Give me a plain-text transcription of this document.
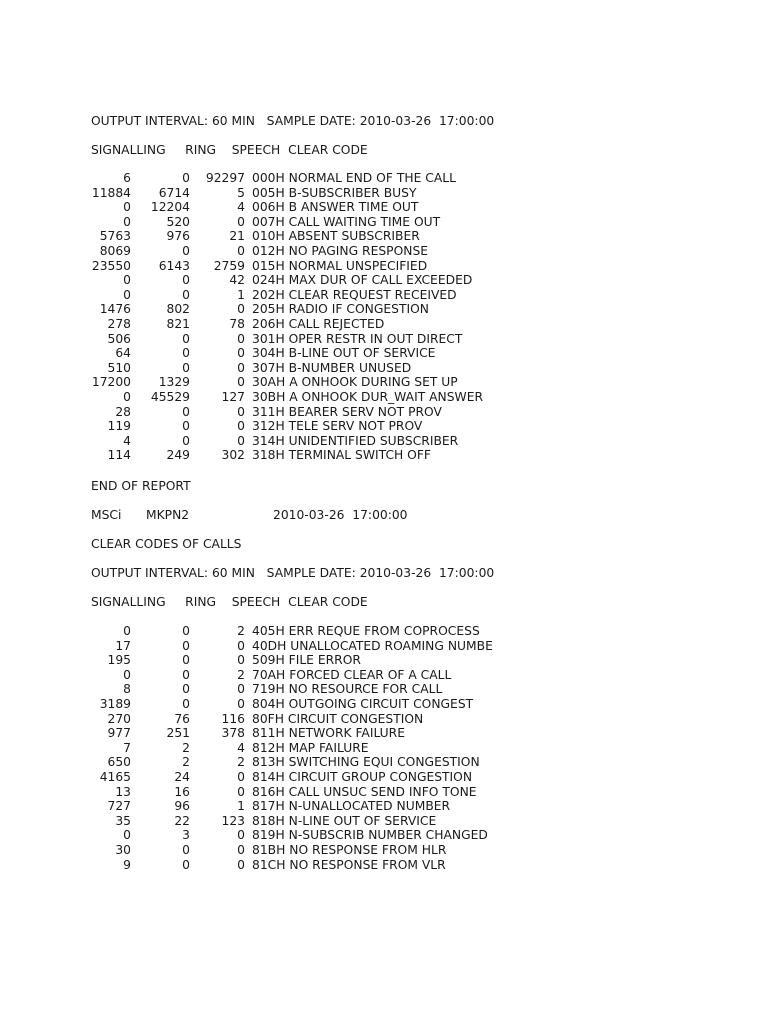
OUTPUT INTERVAL: 60 MIN   SAMPLE DATE: 2010-03-26  17:00:00
SIGNALLING     RING    SPEECH  CLEAR CODE
6	0 92297 000H NORMAL END OF THE CALL
11884 6714	5 005H B-SUBSCRIBER BUSY
0 12204	4 006H B ANSWER TIME OUT
0	520	0 007H CALL WAITING TIME OUT
5763	976	21 010H ABSENT SUBSCRIBER
8069	0	0 012H NO PAGING RESPONSE
23550 6143 2759 015H NORMAL UNSPECIFIED
0	0	42 024H MAX DUR OF CALL EXCEEDED
0	0	1 202H CLEAR REQUEST RECEIVED
1476	802	0 205H RADIO IF CONGESTION
278	821	78 206H CALL REJECTED
506	0	0 301H OPER RESTR IN OUT DIRECT
64	0	0 304H B-LINE OUT OF SERVICE
510	0	0 307H B-NUMBER UNUSED
17200 1329	0 30AH A ONHOOK DURING SET UP
0 45529	127 30BH A ONHOOK DUR_WAIT ANSWER
28	0	0 311H BEARER SERV NOT PROV
119	0	0 312H TELE SERV NOT PROV
4	0	0 314H UNIDENTIFIED SUBSCRIBER
114	249	302 318H TERMINAL SWITCH OFF
END OF REPORT
MSCi MKPN2	2010-03-26  17:00:00
CLEAR CODES OF CALLS
OUTPUT INTERVAL: 60 MIN   SAMPLE DATE: 2010-03-26  17:00:00
SIGNALLING     RING    SPEECH  CLEAR CODE
0	0	2 405H ERR REQUE FROM COPROCESS
17	0	0 40DH UNALLOCATED ROAMING NUMBE
195	0	0 509H FILE ERROR
0	0	2 70AH FORCED CLEAR OF A CALL
8	0	0 719H NO RESOURCE FOR CALL
3189	0	0 804H OUTGOING CIRCUIT CONGEST
270	76	116 80FH CIRCUIT CONGESTION
977	251	378 811H NETWORK FAILURE
7	2	4 812H MAP FAILURE
650	2	2 813H SWITCHING EQUI CONGESTION
4165	24	0 814H CIRCUIT GROUP CONGESTION
13	16	0 816H CALL UNSUC SEND INFO TONE
727	96	1 817H N-UNALLOCATED NUMBER
35	22	123 818H N-LINE OUT OF SERVICE
0	3	0 819H N-SUBSCRIB NUMBER CHANGED
30	0	0 81BH NO RESPONSE FROM HLR
9	0	0 81CH NO RESPONSE FROM VLR
